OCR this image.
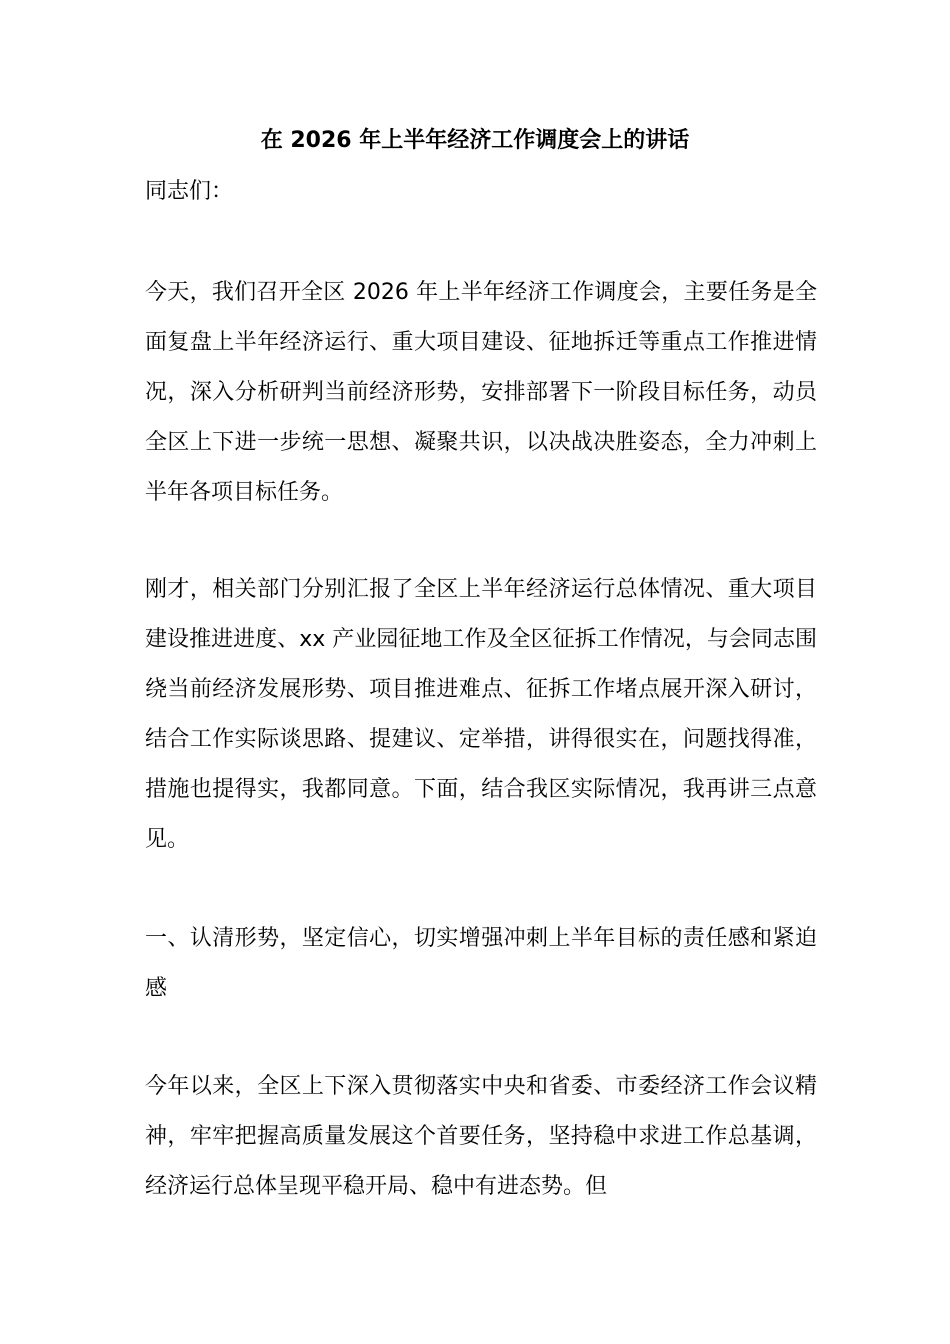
在 2026 年上半年经济工作调度会上的讲话

同志们：

今天，我们召开全区 2026 年上半年经济工作调度会，主要任务是全面复盘上半年经济运行、重大项目建设、征地拆迁等重点工作推进情况，深入分析研判当前经济形势，安排部署下一阶段目标任务，动员全区上下进一步统一思想、凝聚共识，以决战决胜姿态，全力冲刺上半年各项目标任务。

刚才，相关部门分别汇报了全区上半年经济运行总体情况、重大项目建设推进进度、xx 产业园征地工作及全区征拆工作情况，与会同志围绕当前经济发展形势、项目推进难点、征拆工作堵点展开深入研讨，结合工作实际谈思路、提建议、定举措，讲得很实在，问题找得准，措施也提得实，我都同意。下面，结合我区实际情况，我再讲三点意见。

一、认清形势，坚定信心，切实增强冲刺上半年目标的责任感和紧迫感

今年以来，全区上下深入贯彻落实中央和省委、市委经济工作会议精神，牢牢把握高质量发展这个首要任务，坚持稳中求进工作总基调，经济运行总体呈现平稳开局、稳中有进态势。但
